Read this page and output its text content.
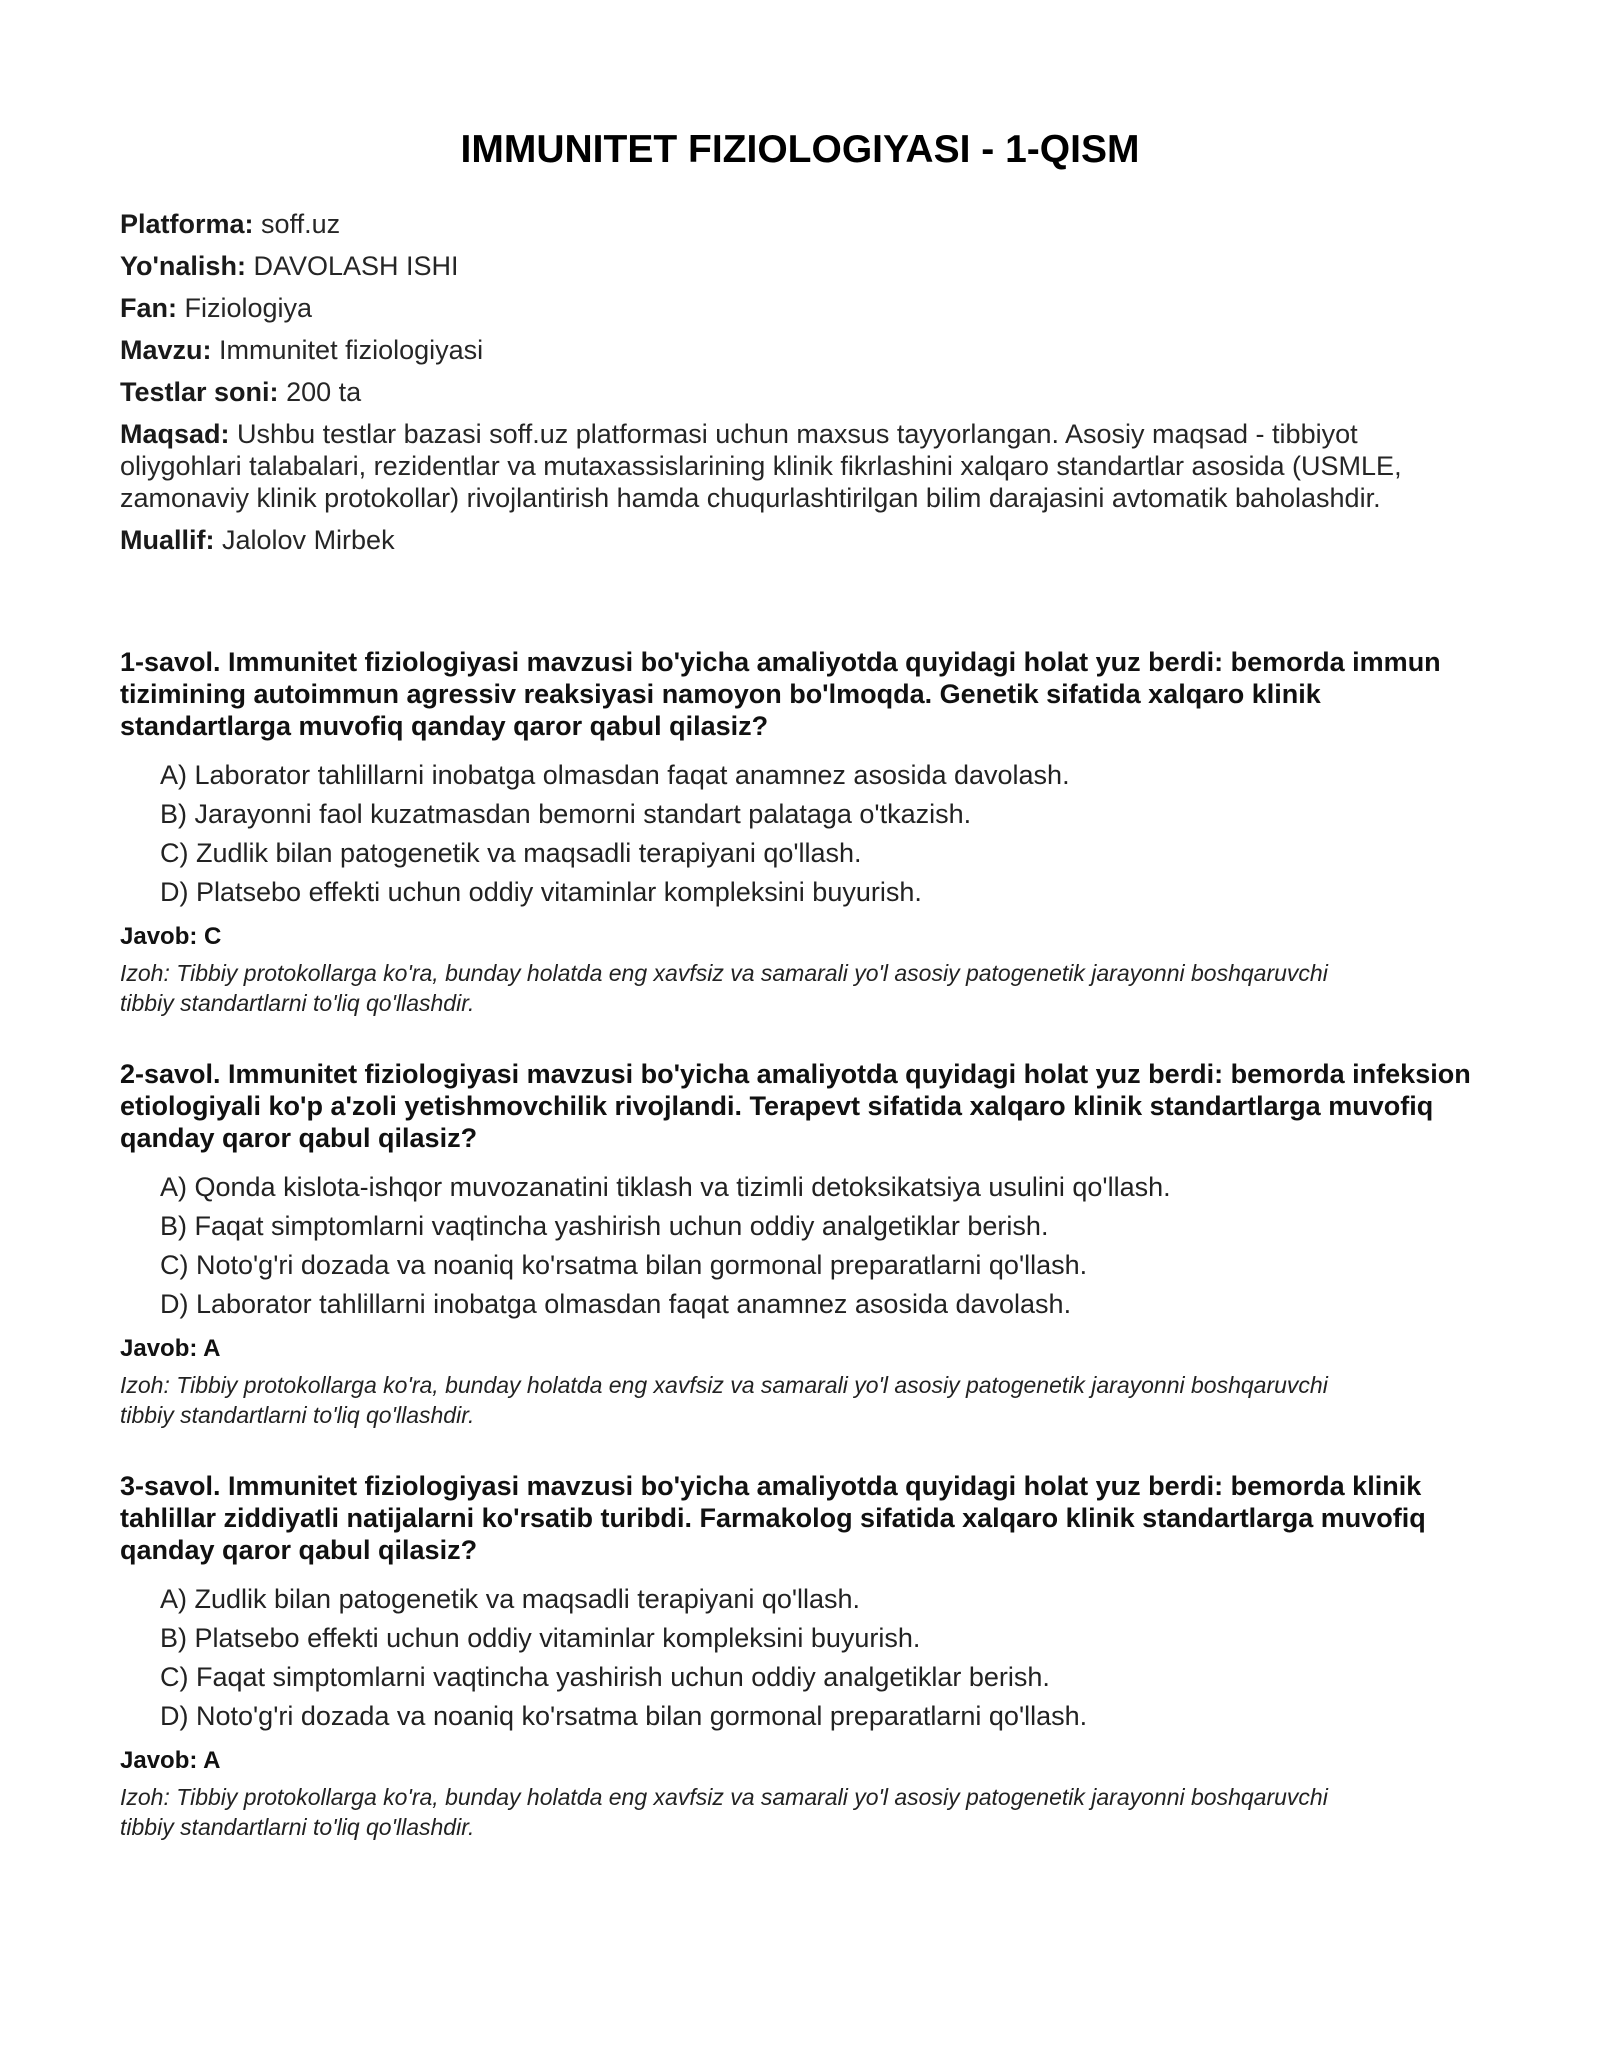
IMMUNITET FIZIOLOGIYASI - 1-QISM

Platforma: soff.uz

Yo'nalish: DAVOLASH ISHI

Fan: Fiziologiya

Mavzu: Immunitet fiziologiyasi

Testlar soni: 200 ta

Maqsad: Ushbu testlar bazasi soff.uz platformasi uchun maxsus tayyorlangan. Asosiy maqsad - tibbiyot oliygohlari talabalari, rezidentlar va mutaxassislarining klinik fikrlashini xalqaro standartlar asosida (USMLE, zamonaviy klinik protokollar) rivojlantirish hamda chuqurlashtirilgan bilim darajasini avtomatik baholashdir.

Muallif: Jalolov Mirbek

1-savol. Immunitet fiziologiyasi mavzusi bo'yicha amaliyotda quyidagi holat yuz berdi: bemorda immun tizimining autoimmun agressiv reaksiyasi namoyon bo'lmoqda. Genetik sifatida xalqaro klinik standartlarga muvofiq qanday qaror qabul qilasiz?

A) Laborator tahlillarni inobatga olmasdan faqat anamnez asosida davolash.
B) Jarayonni faol kuzatmasdan bemorni standart palataga o'tkazish.
C) Zudlik bilan patogenetik va maqsadli terapiyani qo'llash.
D) Platsebo effekti uchun oddiy vitaminlar kompleksini buyurish.

Javob: C

Izoh: Tibbiy protokollarga ko'ra, bunday holatda eng xavfsiz va samarali yo'l asosiy patogenetik jarayonni boshqaruvchi tibbiy standartlarni to'liq qo'llashdir.

2-savol. Immunitet fiziologiyasi mavzusi bo'yicha amaliyotda quyidagi holat yuz berdi: bemorda infeksion etiologiyali ko'p a'zoli yetishmovchilik rivojlandi. Terapevt sifatida xalqaro klinik standartlarga muvofiq qanday qaror qabul qilasiz?

A) Qonda kislota-ishqor muvozanatini tiklash va tizimli detoksikatsiya usulini qo'llash.
B) Faqat simptomlarni vaqtincha yashirish uchun oddiy analgetiklar berish.
C) Noto'g'ri dozada va noaniq ko'rsatma bilan gormonal preparatlarni qo'llash.
D) Laborator tahlillarni inobatga olmasdan faqat anamnez asosida davolash.

Javob: A

Izoh: Tibbiy protokollarga ko'ra, bunday holatda eng xavfsiz va samarali yo'l asosiy patogenetik jarayonni boshqaruvchi tibbiy standartlarni to'liq qo'llashdir.

3-savol. Immunitet fiziologiyasi mavzusi bo'yicha amaliyotda quyidagi holat yuz berdi: bemorda klinik tahlillar ziddiyatli natijalarni ko'rsatib turibdi. Farmakolog sifatida xalqaro klinik standartlarga muvofiq qanday qaror qabul qilasiz?

A) Zudlik bilan patogenetik va maqsadli terapiyani qo'llash.
B) Platsebo effekti uchun oddiy vitaminlar kompleksini buyurish.
C) Faqat simptomlarni vaqtincha yashirish uchun oddiy analgetiklar berish.
D) Noto'g'ri dozada va noaniq ko'rsatma bilan gormonal preparatlarni qo'llash.

Javob: A

Izoh: Tibbiy protokollarga ko'ra, bunday holatda eng xavfsiz va samarali yo'l asosiy patogenetik jarayonni boshqaruvchi tibbiy standartlarni to'liq qo'llashdir.
